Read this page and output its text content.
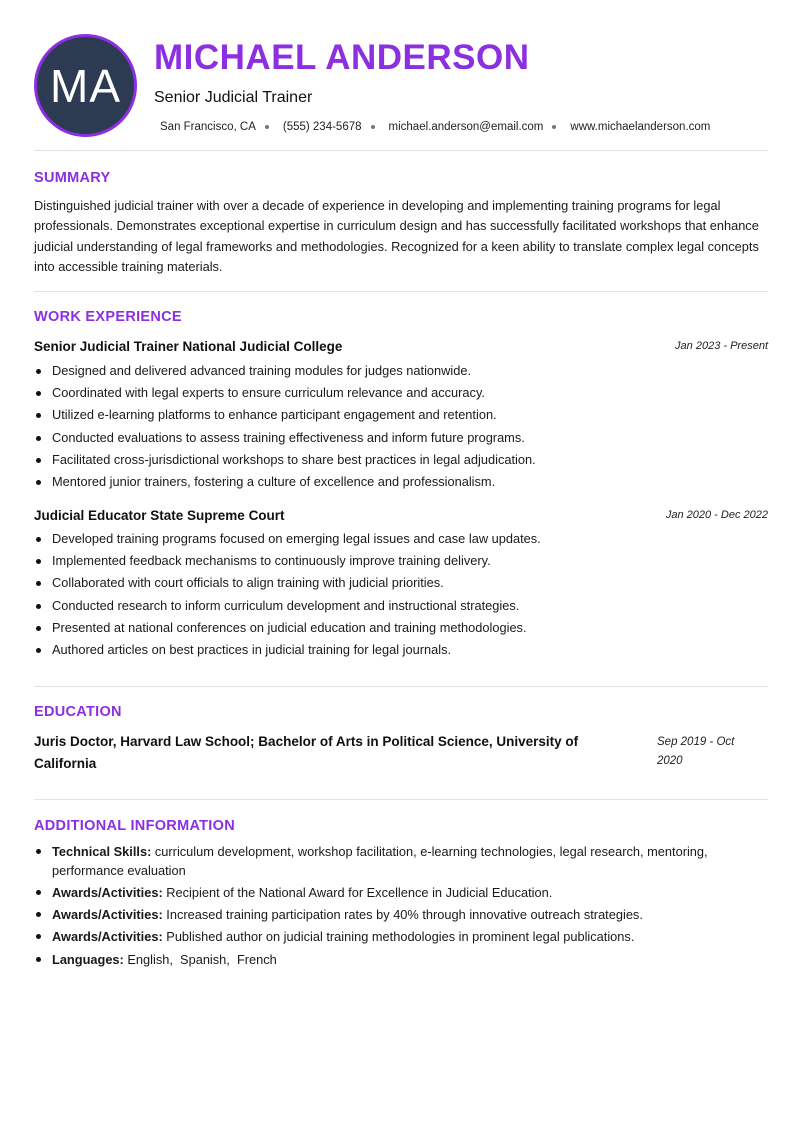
MA
MICHAEL ANDERSON
Senior Judicial Trainer
San Francisco, CA (555) 234-5678 michael.anderson@email.com www.michaelanderson.com
SUMMARY

Distinguished judicial trainer with over a decade of experience in developing and implementing training programs for legal professionals. Demonstrates exceptional expertise in curriculum design and has successfully facilitated workshops that enhance judicial understanding of legal frameworks and methodologies. Recognized for a keen ability to translate complex legal concepts into accessible training materials.

WORK EXPERIENCE
Senior Judicial Trainer National Judicial College	Jan 2023 - Present
Designed and delivered advanced training modules for judges nationwide.
Coordinated with legal experts to ensure curriculum relevance and accuracy.
Utilized e-learning platforms to enhance participant engagement and retention.
Conducted evaluations to assess training effectiveness and inform future programs.
Facilitated cross-jurisdictional workshops to share best practices in legal adjudication.
Mentored junior trainers, fostering a culture of excellence and professionalism.
Judicial Educator State Supreme Court	Jan 2020 - Dec 2022
Developed training programs focused on emerging legal issues and case law updates.
Implemented feedback mechanisms to continuously improve training delivery.
Collaborated with court officials to align training with judicial priorities.
Conducted research to inform curriculum development and instructional strategies.
Presented at national conferences on judicial education and training methodologies.
Authored articles on best practices in judicial training for legal journals.
EDUCATION
Juris Doctor, Harvard Law School; Bachelor of Arts in Political Science, University of California
Sep 2019 - Oct 2020
ADDITIONAL INFORMATION
Technical Skills: curriculum development, workshop facilitation, e-learning technologies, legal research, mentoring, performance evaluation
Awards/Activities: Recipient of the National Award for Excellence in Judicial Education.
Awards/Activities: Increased training participation rates by 40% through innovative outreach strategies.
Awards/Activities: Published author on judicial training methodologies in prominent legal publications.
Languages: English , Spanish , French
